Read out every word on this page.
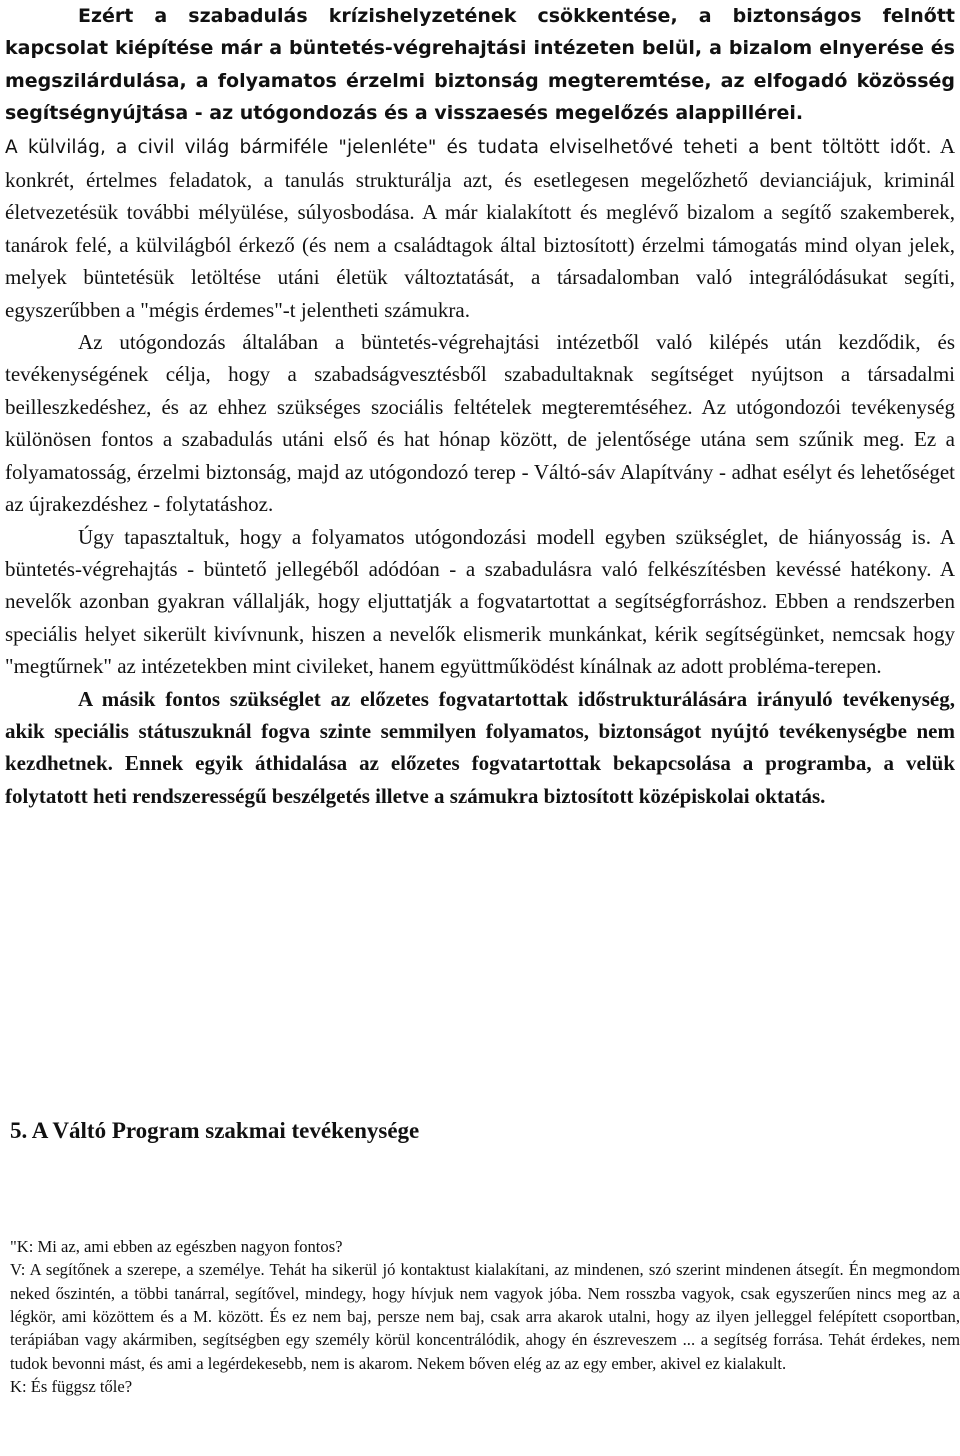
Ezért a szabadulás krízishelyzetének csökkentése, a biztonságos felnőtt kapcsolat kiépítése már a büntetés-végrehajtási intézeten belül, a bizalom elnyerése és megszilárdulása, a folyamatos érzelmi biztonság megteremtése, az elfogadó közösség segítségnyújtása - az utógondozás és a visszaesés megelőzés alappillérei.

A külvilág, a civil világ bármiféle "jelenléte" és tudata elviselhetővé teheti a bent töltött időt. A konkrét, értelmes feladatok, a tanulás strukturálja azt, és esetlegesen megelőzhető devianciájuk, kriminál életvezetésük további mélyülése, súlyosbodása. A már kialakított és meglévő bizalom a segítő szakemberek, tanárok felé, a külvilágból érkező (és nem a családtagok által biztosított) érzelmi támogatás mind olyan jelek, melyek büntetésük letöltése utáni életük változtatását, a társadalomban való integrálódásukat segíti, egyszerűbben a "mégis érdemes"-t jelentheti számukra.

Az utógondozás általában a büntetés-végrehajtási intézetből való kilépés után kezdődik, és tevékenységének célja, hogy a szabadságvesztésből szabadultaknak segítséget nyújtson a társadalmi beilleszkedéshez, és az ehhez szükséges szociális feltételek megteremtéséhez. Az utógondozói tevékenység különösen fontos a szabadulás utáni első és hat hónap között, de jelentősége utána sem szűnik meg. Ez a folyamatosság, érzelmi biztonság, majd az utógondozó terep - Váltó-sáv Alapítvány - adhat esélyt és lehetőséget az újrakezdéshez - folytatáshoz.

Úgy tapasztaltuk, hogy a folyamatos utógondozási modell egyben szükséglet, de hiányosság is. A büntetés-végrehajtás - büntető jellegéből adódóan - a szabadulásra való felkészítésben kevéssé hatékony. A nevelők azonban gyakran vállalják, hogy eljuttatják a fogvatartottat a segítségforráshoz. Ebben a rendszerben speciális helyet sikerült kivívnunk, hiszen a nevelők elismerik munkánkat, kérik segítségünket, nemcsak hogy "megtűrnek" az intézetekben mint civileket, hanem együttműködést kínálnak az adott probléma-terepen.

A másik fontos szükséglet az előzetes fogvatartottak időstrukturálására irányuló tevékenység, akik speciális státuszuknál fogva szinte semmilyen folyamatos, biztonságot nyújtó tevékenységbe nem kezdhetnek. Ennek egyik áthidalása az előzetes fogvatartottak bekapcsolása a programba, a velük folytatott heti rendszerességű beszélgetés illetve a számukra biztosított középiskolai oktatás.

5. A Váltó Program szakmai tevékenysége

"K: Mi az, ami ebben az egészben nagyon fontos?

V: A segítőnek a szerepe, a személye. Tehát ha sikerül jó kontaktust kialakítani, az mindenen, szó szerint mindenen átsegít. Én megmondom neked őszintén, a többi tanárral, segítővel, mindegy, hogy hívjuk nem vagyok jóba. Nem rosszba vagyok, csak egyszerűen nincs meg az a légkör, ami közöttem és a M. között. És ez nem baj, persze nem baj, csak arra akarok utalni, hogy az ilyen jelleggel felépített csoportban, terápiában vagy akármiben, segítségben egy személy körül koncentrálódik, ahogy én észreveszem ... a segítség forrása. Tehát érdekes, nem tudok bevonni mást, és ami a legérdekesebb, nem is akarom. Nekem bőven elég az az egy ember, akivel ez kialakult.

K: És függsz tőle?
